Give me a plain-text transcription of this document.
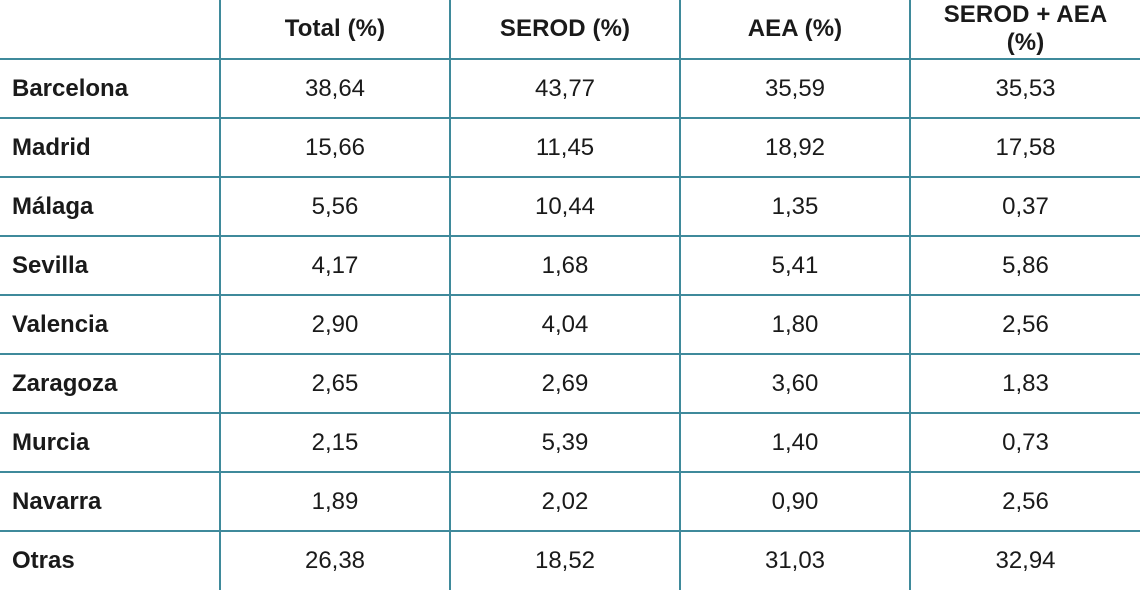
	Total (%)	SEROD (%)	AEA (%)	SEROD + AEA (%)
Barcelona	38,64	43,77	35,59	35,53
Madrid	15,66	11,45	18,92	17,58
Málaga	5,56	10,44	1,35	0,37
Sevilla	4,17	1,68	5,41	5,86
Valencia	2,90	4,04	1,80	2,56
Zaragoza	2,65	2,69	3,60	1,83
Murcia	2,15	5,39	1,40	0,73
Navarra	1,89	2,02	0,90	2,56
Otras	26,38	18,52	31,03	32,94
